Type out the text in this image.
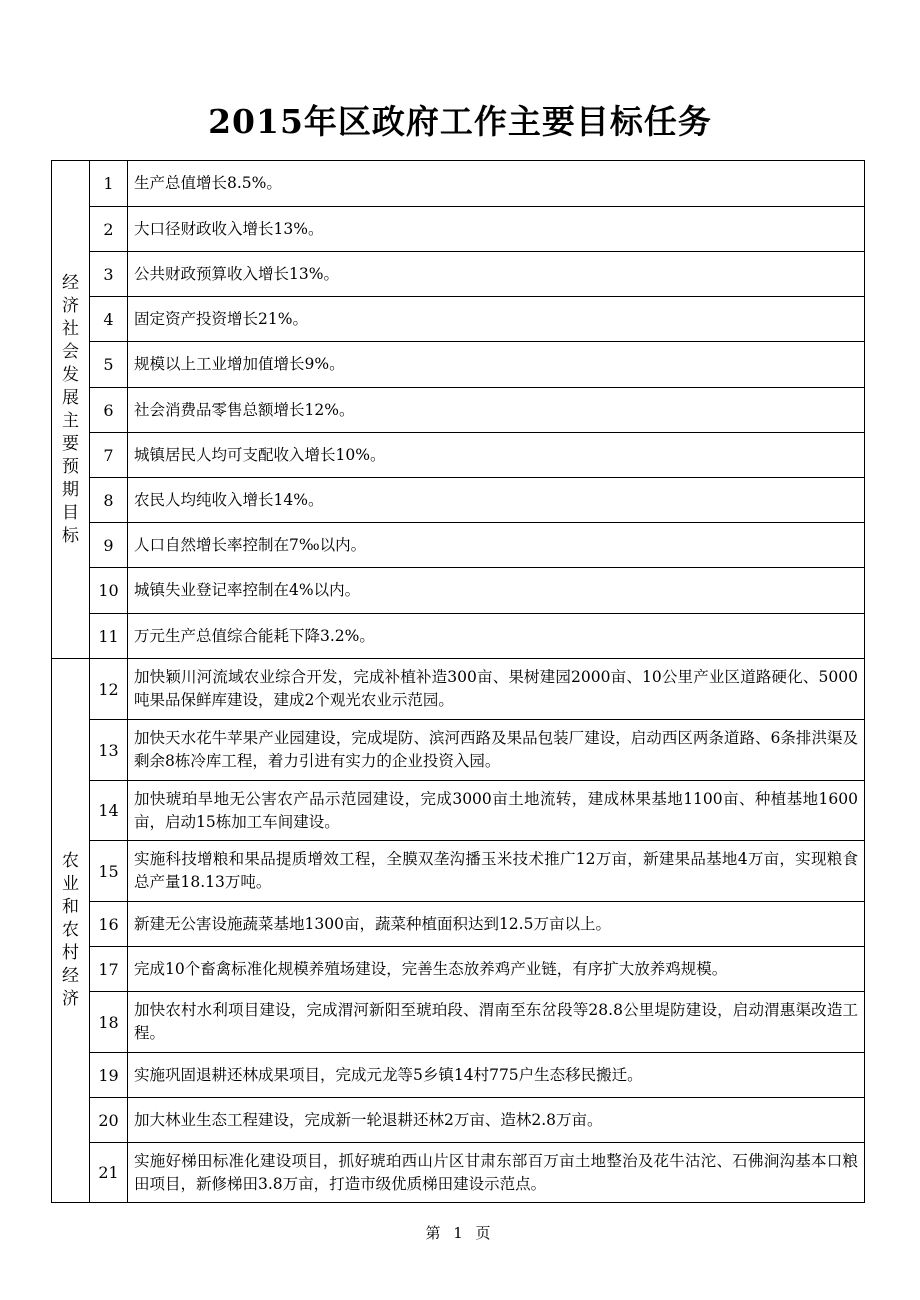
2015年区政府工作主要目标任务
经济社会发展主要预期目标	1	生产总值增长8.5%。
	2	大口径财政收入增长13%。
	3	公共财政预算收入增长13%。
	4	固定资产投资增长21%。
	5	规模以上工业增加值增长9%。
	6	社会消费品零售总额增长12%。
	7	城镇居民人均可支配收入增长10%。
	8	农民人均纯收入增长14%。
	9	人口自然增长率控制在7‰以内。
	10	城镇失业登记率控制在4%以内。
	11	万元生产总值综合能耗下降3.2%。
农业和农村经济	12	加快颖川河流域农业综合开发，完成补植补造300亩、果树建园2000亩、10公里产业区道路硬化、5000吨果品保鲜库建设，建成2个观光农业示范园。
	13	加快天水花牛苹果产业园建设，完成堤防、滨河西路及果品包装厂建设，启动西区两条道路、6条排洪渠及剩余8栋冷库工程，着力引进有实力的企业投资入园。
	14	加快琥珀旱地无公害农产品示范园建设，完成3000亩土地流转，建成林果基地1100亩、种植基地1600亩，启动15栋加工车间建设。
	15	实施科技增粮和果品提质增效工程，全膜双垄沟播玉米技术推广12万亩，新建果品基地4万亩，实现粮食总产量18.13万吨。
	16	新建无公害设施蔬菜基地1300亩，蔬菜种植面积达到12.5万亩以上。
	17	完成10个畜禽标准化规模养殖场建设，完善生态放养鸡产业链，有序扩大放养鸡规模。
	18	加快农村水利项目建设，完成渭河新阳至琥珀段、渭南至东岔段等28.8公里堤防建设，启动渭惠渠改造工程。
	19	实施巩固退耕还林成果项目，完成元龙等5乡镇14村775户生态移民搬迁。
	20	加大林业生态工程建设，完成新一轮退耕还林2万亩、造林2.8万亩。
	21	实施好梯田标准化建设项目，抓好琥珀西山片区甘肃东部百万亩土地整治及花牛沽沱、石佛涧沟基本口粮田项目，新修梯田3.8万亩，打造市级优质梯田建设示范点。
第 1 页
